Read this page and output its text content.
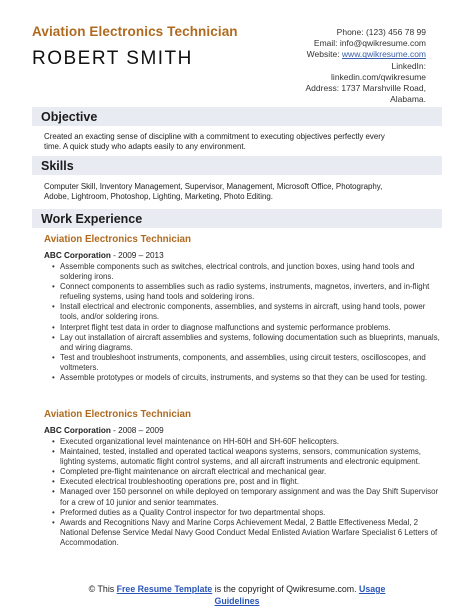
Aviation Electronics Technician
ROBERT SMITH
Phone: (123) 456 78 99
Email: info@qwikresume.com
Website: www.qwikresume.com
LinkedIn:
linkedin.com/qwikresume
Address: 1737 Marshville Road,
Alabama.
Objective
Created an exacting sense of discipline with a commitment to executing objectives perfectly every
time. A quick study who adapts easily to any environment.
Skills
Computer Skill, Inventory Management, Supervisor, Management, Microsoft Office, Photography,
Adobe, Lightroom, Photoshop, Lighting, Marketing, Photo Editing.
Work Experience
Aviation Electronics Technician
ABC Corporation - 2009 – 2013
• Assemble components such as switches, electrical controls, and junction boxes, using hand tools and soldering irons.
• Connect components to assemblies such as radio systems, instruments, magnetos, inverters, and in-flight refueling systems, using hand tools and soldering irons.
• Install electrical and electronic components, assemblies, and systems in aircraft, using hand tools, power tools, and/or soldering irons.
• Interpret flight test data in order to diagnose malfunctions and systemic performance problems.
• Lay out installation of aircraft assemblies and systems, following documentation such as blueprints, manuals, and wiring diagrams.
• Test and troubleshoot instruments, components, and assemblies, using circuit testers, oscilloscopes, and voltmeters.
• Assemble prototypes or models of circuits, instruments, and systems so that they can be used for testing.
Aviation Electronics Technician
ABC Corporation - 2008 – 2009
• Executed organizational level maintenance on HH-60H and SH-60F helicopters.
• Maintained, tested, installed and operated tactical weapons systems, sensors, communication systems, lighting systems, automatic flight control systems, and all aircraft instruments and electronic equipment.
• Completed pre-flight maintenance on aircraft electrical and mechanical gear.
• Executed electrical troubleshooting operations pre, post and in flight.
• Managed over 150 personnel on while deployed on temporary assignment and was the Day Shift Supervisor for a crew of 10 junior and senior teammates.
• Preformed duties as a Quality Control inspector for two departmental shops.
• Awards and Recognitions Navy and Marine Corps Achievement Medal, 2 Battle Effectiveness Medal, 2 National Defense Service Medal Navy Good Conduct Medal Enlisted Aviation Warfare Specialist 6 Letters of Accommodation.
© This Free Resume Template is the copyright of Qwikresume.com. Usage
Guidelines
